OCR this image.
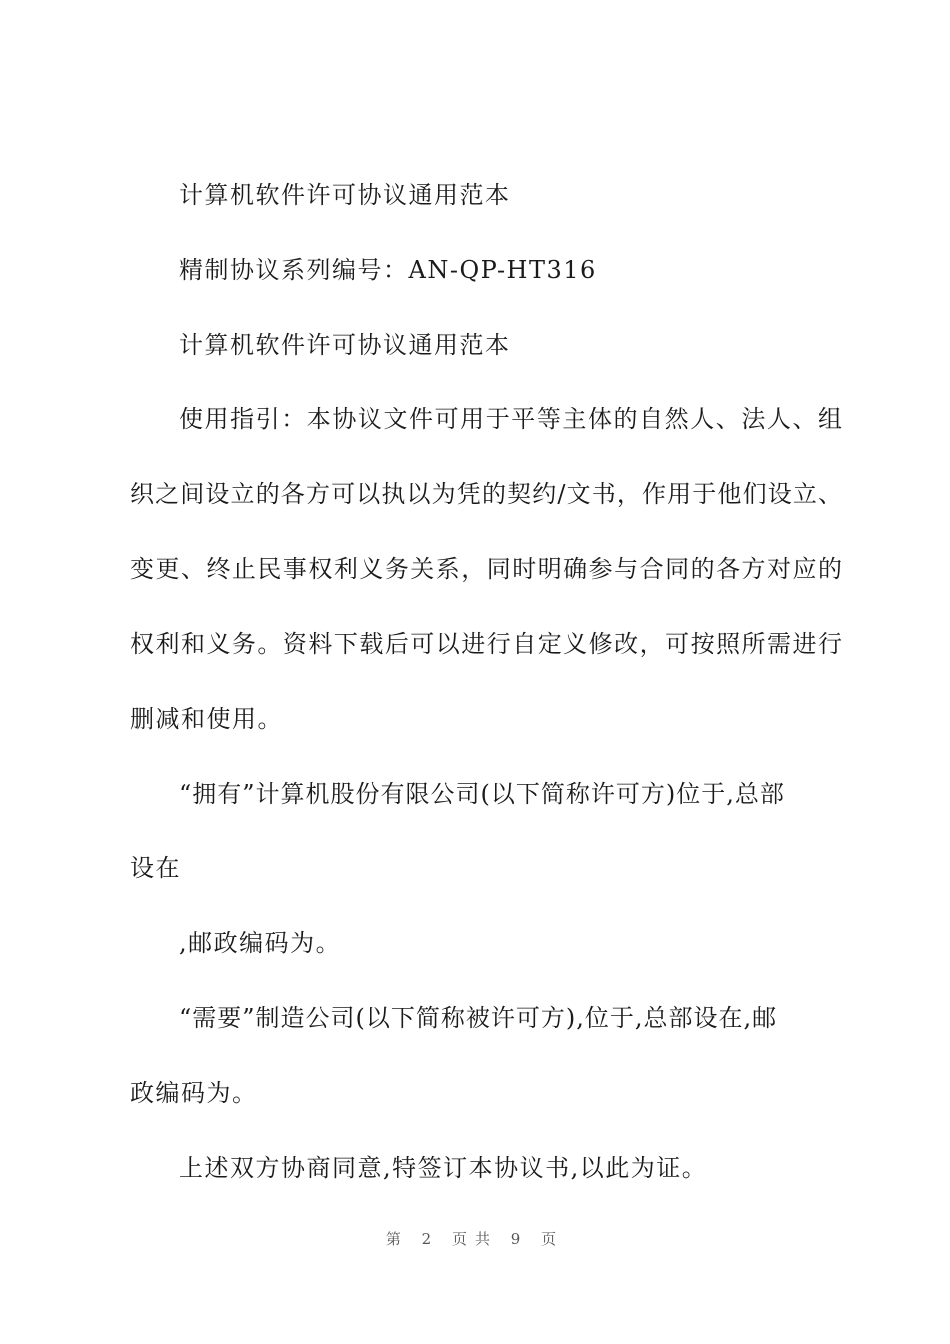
计算机软件许可协议通用范本
精制协议系列编号：AN-QP-HT316
计算机软件许可协议通用范本
使用指引：本协议文件可用于平等主体的自然人、法人、组
织之间设立的各方可以执以为凭的契约/文书，作用于他们设立、
变更、终止民事权利义务关系，同时明确参与合同的各方对应的
权利和义务。资料下载后可以进行自定义修改，可按照所需进行
删减和使用。
“拥有”计算机股份有限公司(以下简称许可方)位于,总部
设在
,邮政编码为。
“需要”制造公司(以下简称被许可方),位于,总部设在,邮
政编码为。
上述双方协商同意,特签订本协议书,以此为证。
第 2 页共 9 页
